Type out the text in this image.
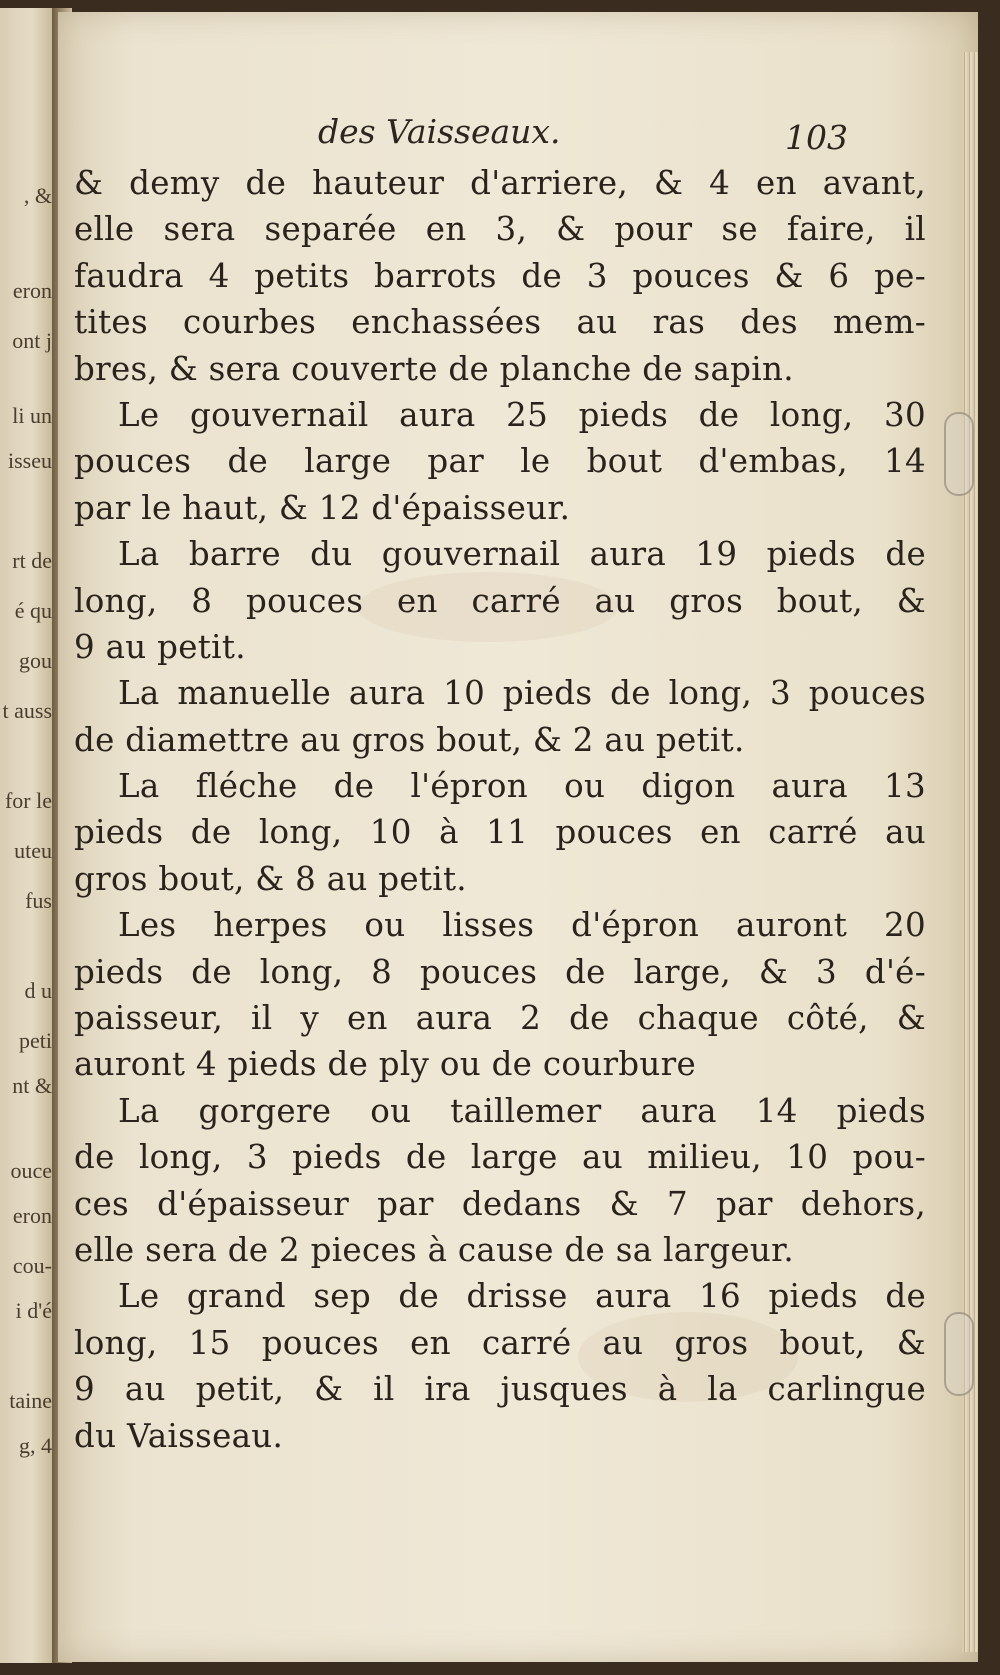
, &
eron
ont j
li un
isseu
rt de
é qu
gou
t auss
for le
uteu
fus
d u
peti
nt &
ouce
eron
cou-
i d'é
taine
g, 4
des Vaisseaux.	103
& demy de hauteur d'arriere, & 4 en avant,
elle sera separée en 3, & pour se faire, il
faudra 4 petits barrots de 3 pouces & 6 pe-
tites courbes enchassées au ras des mem-
bres, & sera couverte de planche de sapin.
Le gouvernail aura 25 pieds de long, 30
pouces de large par le bout d'embas, 14
par le haut, & 12 d'épaisseur.
La barre du gouvernail aura 19 pieds de
long, 8 pouces en carré au gros bout, &
9 au petit.
La manuelle aura 10 pieds de long, 3 pouces
de diamettre au gros bout, & 2 au petit.
La fléche de l'épron ou digon aura 13
pieds de long, 10 à 11 pouces en carré au
gros bout, & 8 au petit.
Les herpes ou lisses d'épron auront 20
pieds de long, 8 pouces de large, & 3 d'é-
paisseur, il y en aura 2 de chaque côté, &
auront 4 pieds de ply ou de courbure
La gorgere ou taillemer aura 14 pieds
de long, 3 pieds de large au milieu, 10 pou-
ces d'épaisseur par dedans & 7 par dehors,
elle sera de 2 pieces à cause de sa largeur.
Le grand sep de drisse aura 16 pieds de
long, 15 pouces en carré au gros bout, &
9 au petit, & il ira jusques à la carlingue
du Vaisseau.
